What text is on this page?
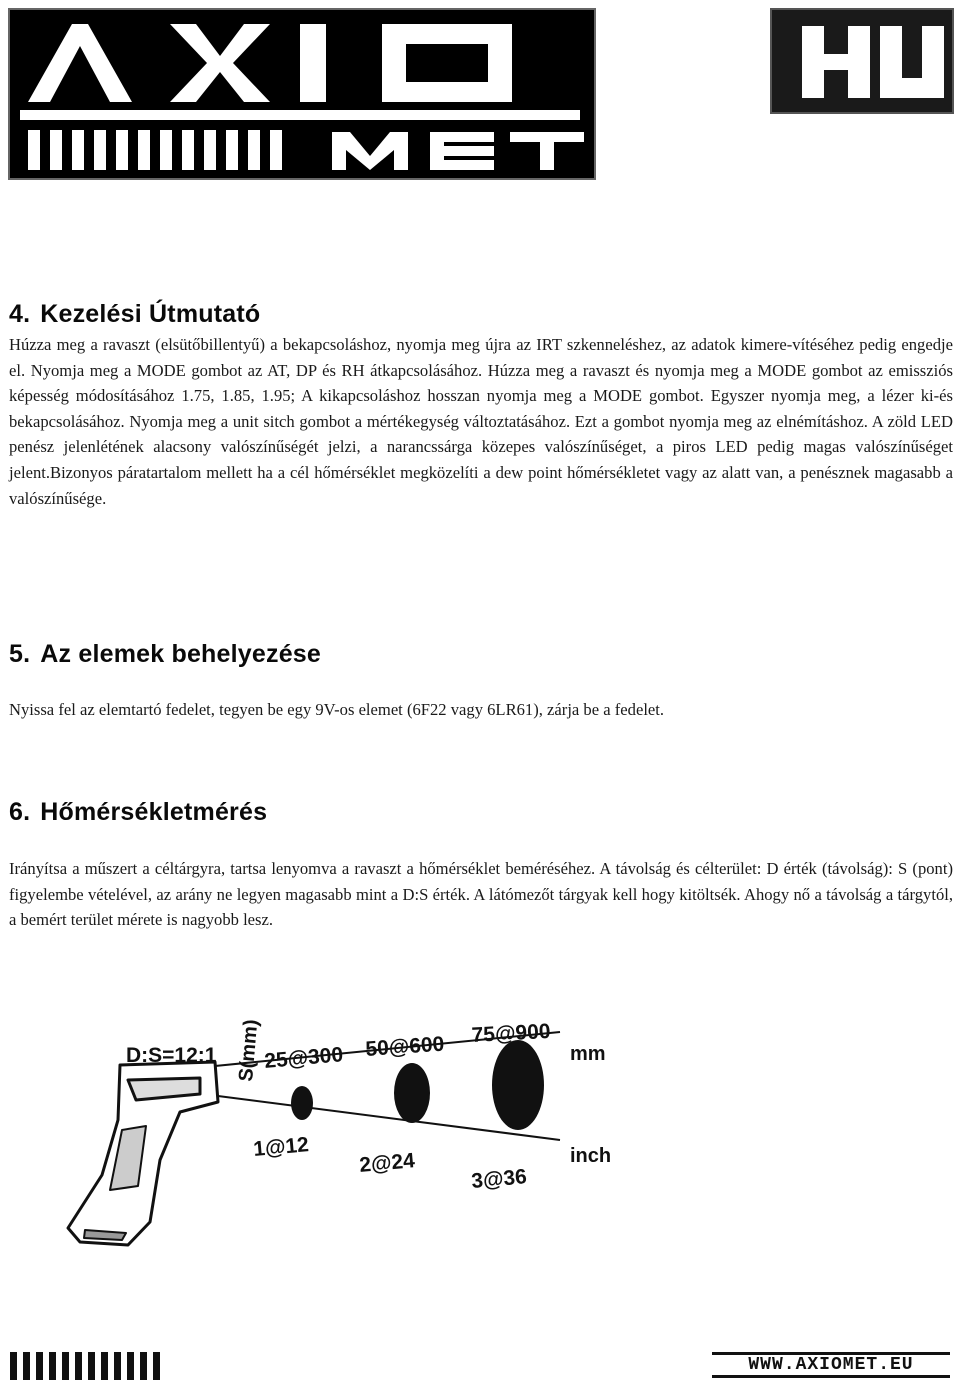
4. Kezelési Útmutató

Húzza meg a ravaszt (elsütőbillentyű) a bekapcsoláshoz, nyomja meg újra az IRT szkenneléshez, az adatok kimere-vítéséhez pedig engedje el. Nyomja meg a MODE gombot az AT, DP és RH átkapcsolásához. Húzza meg a ravaszt és nyomja meg a MODE gombot az emissziós képesség módosításához 1.75, 1.85, 1.95; A kikapcsoláshoz hosszan nyomja meg a MODE gombot. Egyszer nyomja meg, a lézer ki-és bekapcsolásához. Nyomja meg a unit sitch gombot a mértékegység változtatásához. Ezt a gombot nyomja meg az elnémításhoz. A zöld LED penész jelenlétének alacsony valószínűségét jelzi, a narancssárga közepes valószínűséget, a piros LED pedig magas valószínűséget jelent.Bizonyos páratartalom mellett ha a cél hőmérséklet megközelíti a dew point hőmérsékletet vagy az alatt van, a penésznek magasabb a valószínűsége.

5. Az elemek behelyezése

Nyissa fel az elemtartó fedelet, tegyen be egy 9V-os elemet (6F22 vagy 6LR61), zárja be a fedelet.

6. Hőmérsékletmérés

Irányítsa a műszert a céltárgyra, tartsa lenyomva a ravaszt a hőmérséklet beméréséhez. A távolság és célterület: D érték (távolság): S (pont) figyelembe vételével, az arány ne legyen magasabb mint a D:S érték. A látómezőt tárgyak kell hogy kitöltsék. Ahogy nő a távolság a tárgytól, a bemért terület mérete is nagyobb lesz.

D:S=12:1 S(mm) 25@300 50@600 75@900
mm
1@12
2@24
3@36
inch
WWW.AXIOMET.EU
